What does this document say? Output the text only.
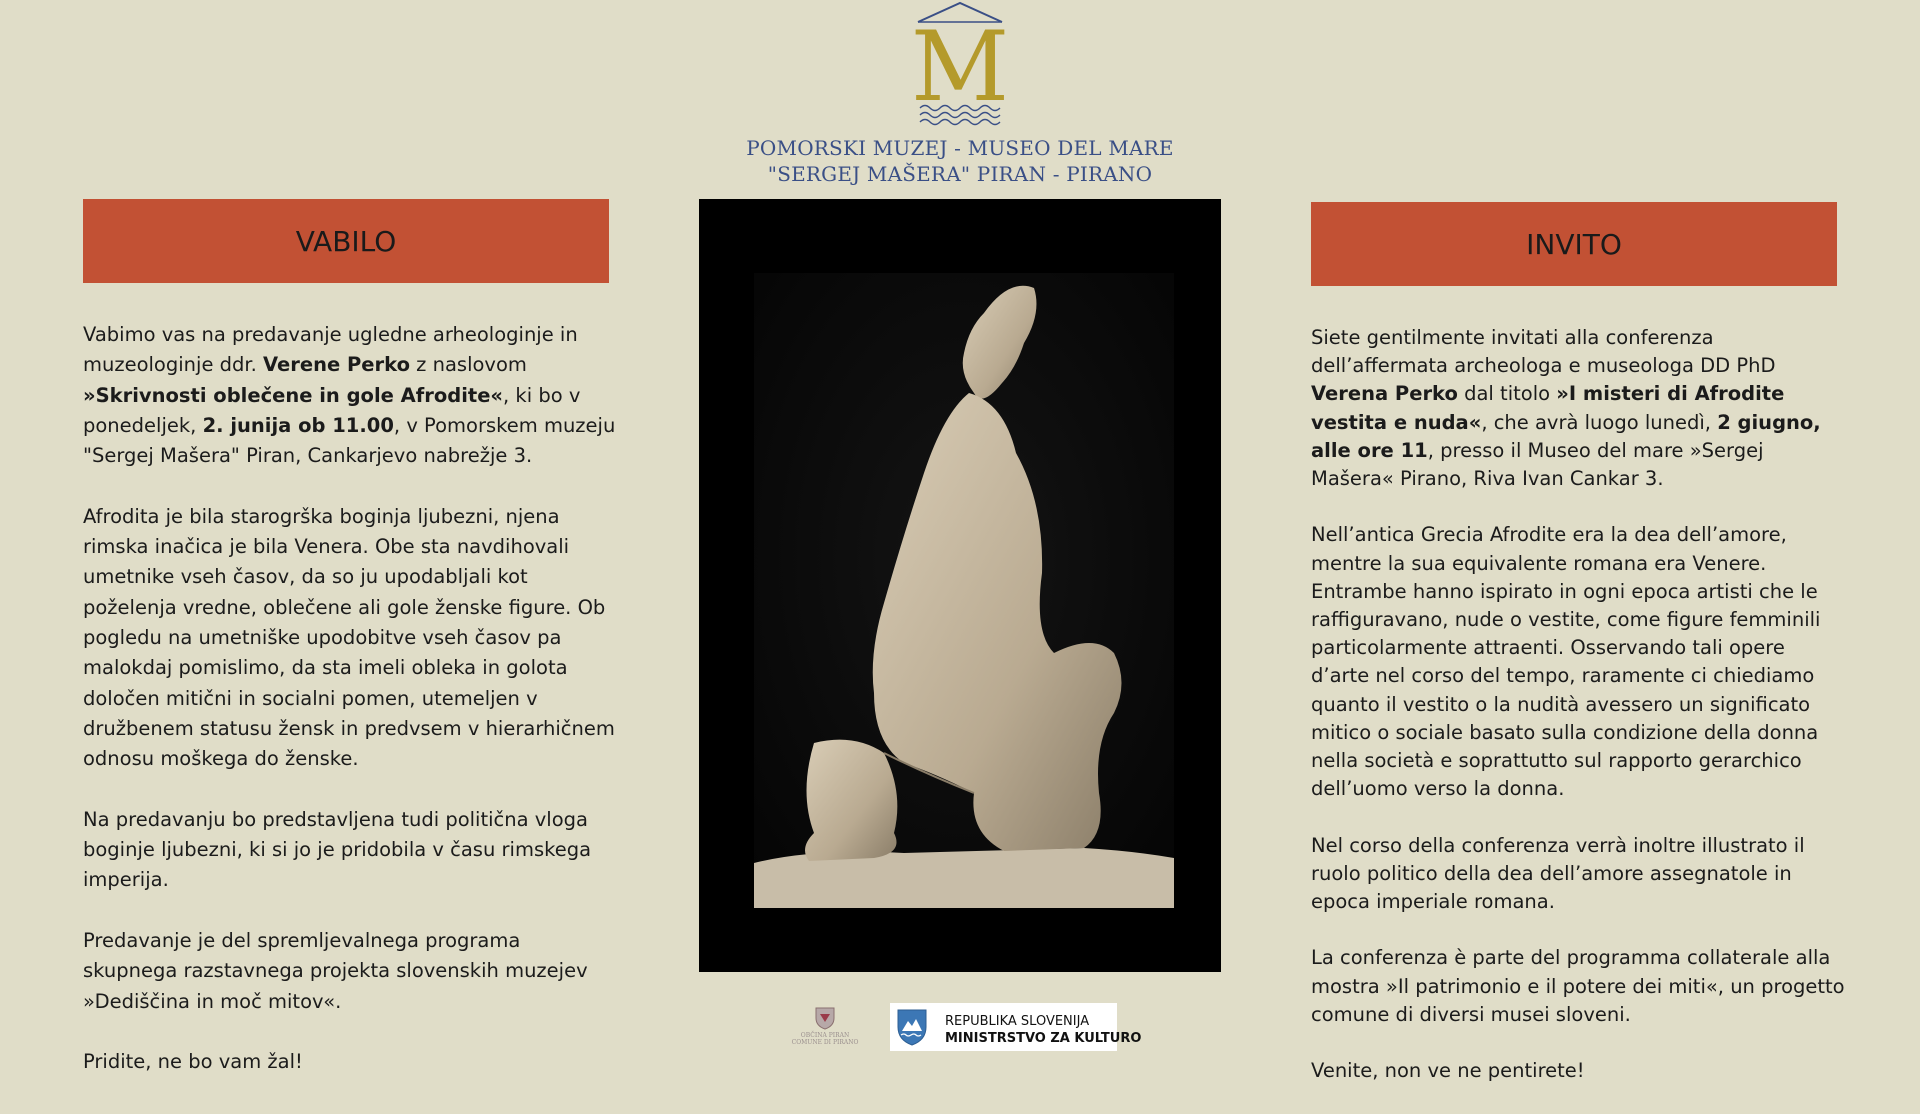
M
POMORSKI MUZEJ - MUSEO DEL MARE
"SERGEJ MAŠERA" PIRAN - PIRANO
VABILO

Vabimo vas na predavanje ugledne arheologinje in muzeologinje ddr. Verene Perko z naslovom »Skrivnosti oblečene in gole Afrodite«, ki bo v ponedeljek, 2. junija ob 11.00, v Pomorskem muzeju "Sergej Mašera" Piran, Cankarjevo nabrežje 3.

Afrodita je bila starogrška boginja ljubezni, njena rimska inačica je bila Venera. Obe sta navdihovali umetnike vseh časov, da so ju upodabljali kot poželenja vredne, oblečene ali gole ženske figure. Ob pogledu na umetniške upodobitve vseh časov pa malokdaj pomislimo, da sta imeli obleka in golota določen mitični in socialni pomen, utemeljen v družbenem statusu žensk in predvsem v hierarhičnem odnosu moškega do ženske.

Na predavanju bo predstavljena tudi politična vloga boginje ljubezni, ki si jo je pridobila v času rimskega imperija.

Predavanje je del spremljevalnega programa skupnega razstavnega projekta slovenskih muzejev
»Dediščina in moč mitov«.

Pridite, ne bo vam žal!

INVITO

Siete gentilmente invitati alla conferenza dell’affermata archeologa e museologa DD PhD Verena Perko dal titolo »I misteri di Afrodite vestita e nuda«, che avrà luogo lunedì, 2 giugno, alle ore 11, presso il Museo del mare »Sergej Mašera« Pirano, Riva Ivan Cankar 3.

Nell’antica Grecia Afrodite era la dea dell’amore, mentre la sua equivalente romana era Venere. Entrambe hanno ispirato in ogni epoca artisti che le raffiguravano, nude o vestite, come figure femminili particolarmente attraenti. Osservando tali opere d’arte nel corso del tempo, raramente ci chiediamo quanto il vestito o la nudità avessero un significato mitico o sociale basato sulla condizione della donna nella società e soprattutto sul rapporto gerarchico dell’uomo verso la donna.

Nel corso della conferenza verrà inoltre illustrato il ruolo politico della dea dell’amore assegnatole in epoca imperiale romana.

La conferenza è parte del programma collaterale alla mostra »Il patrimonio e il potere dei miti«, un progetto comune di diversi musei sloveni.

Venite, non ve ne pentirete!

OBČINA PIRAN
COMUNE DI PIRANO
REPUBLIKA SLOVENIJA
MINISTRSTVO ZA KULTURO
